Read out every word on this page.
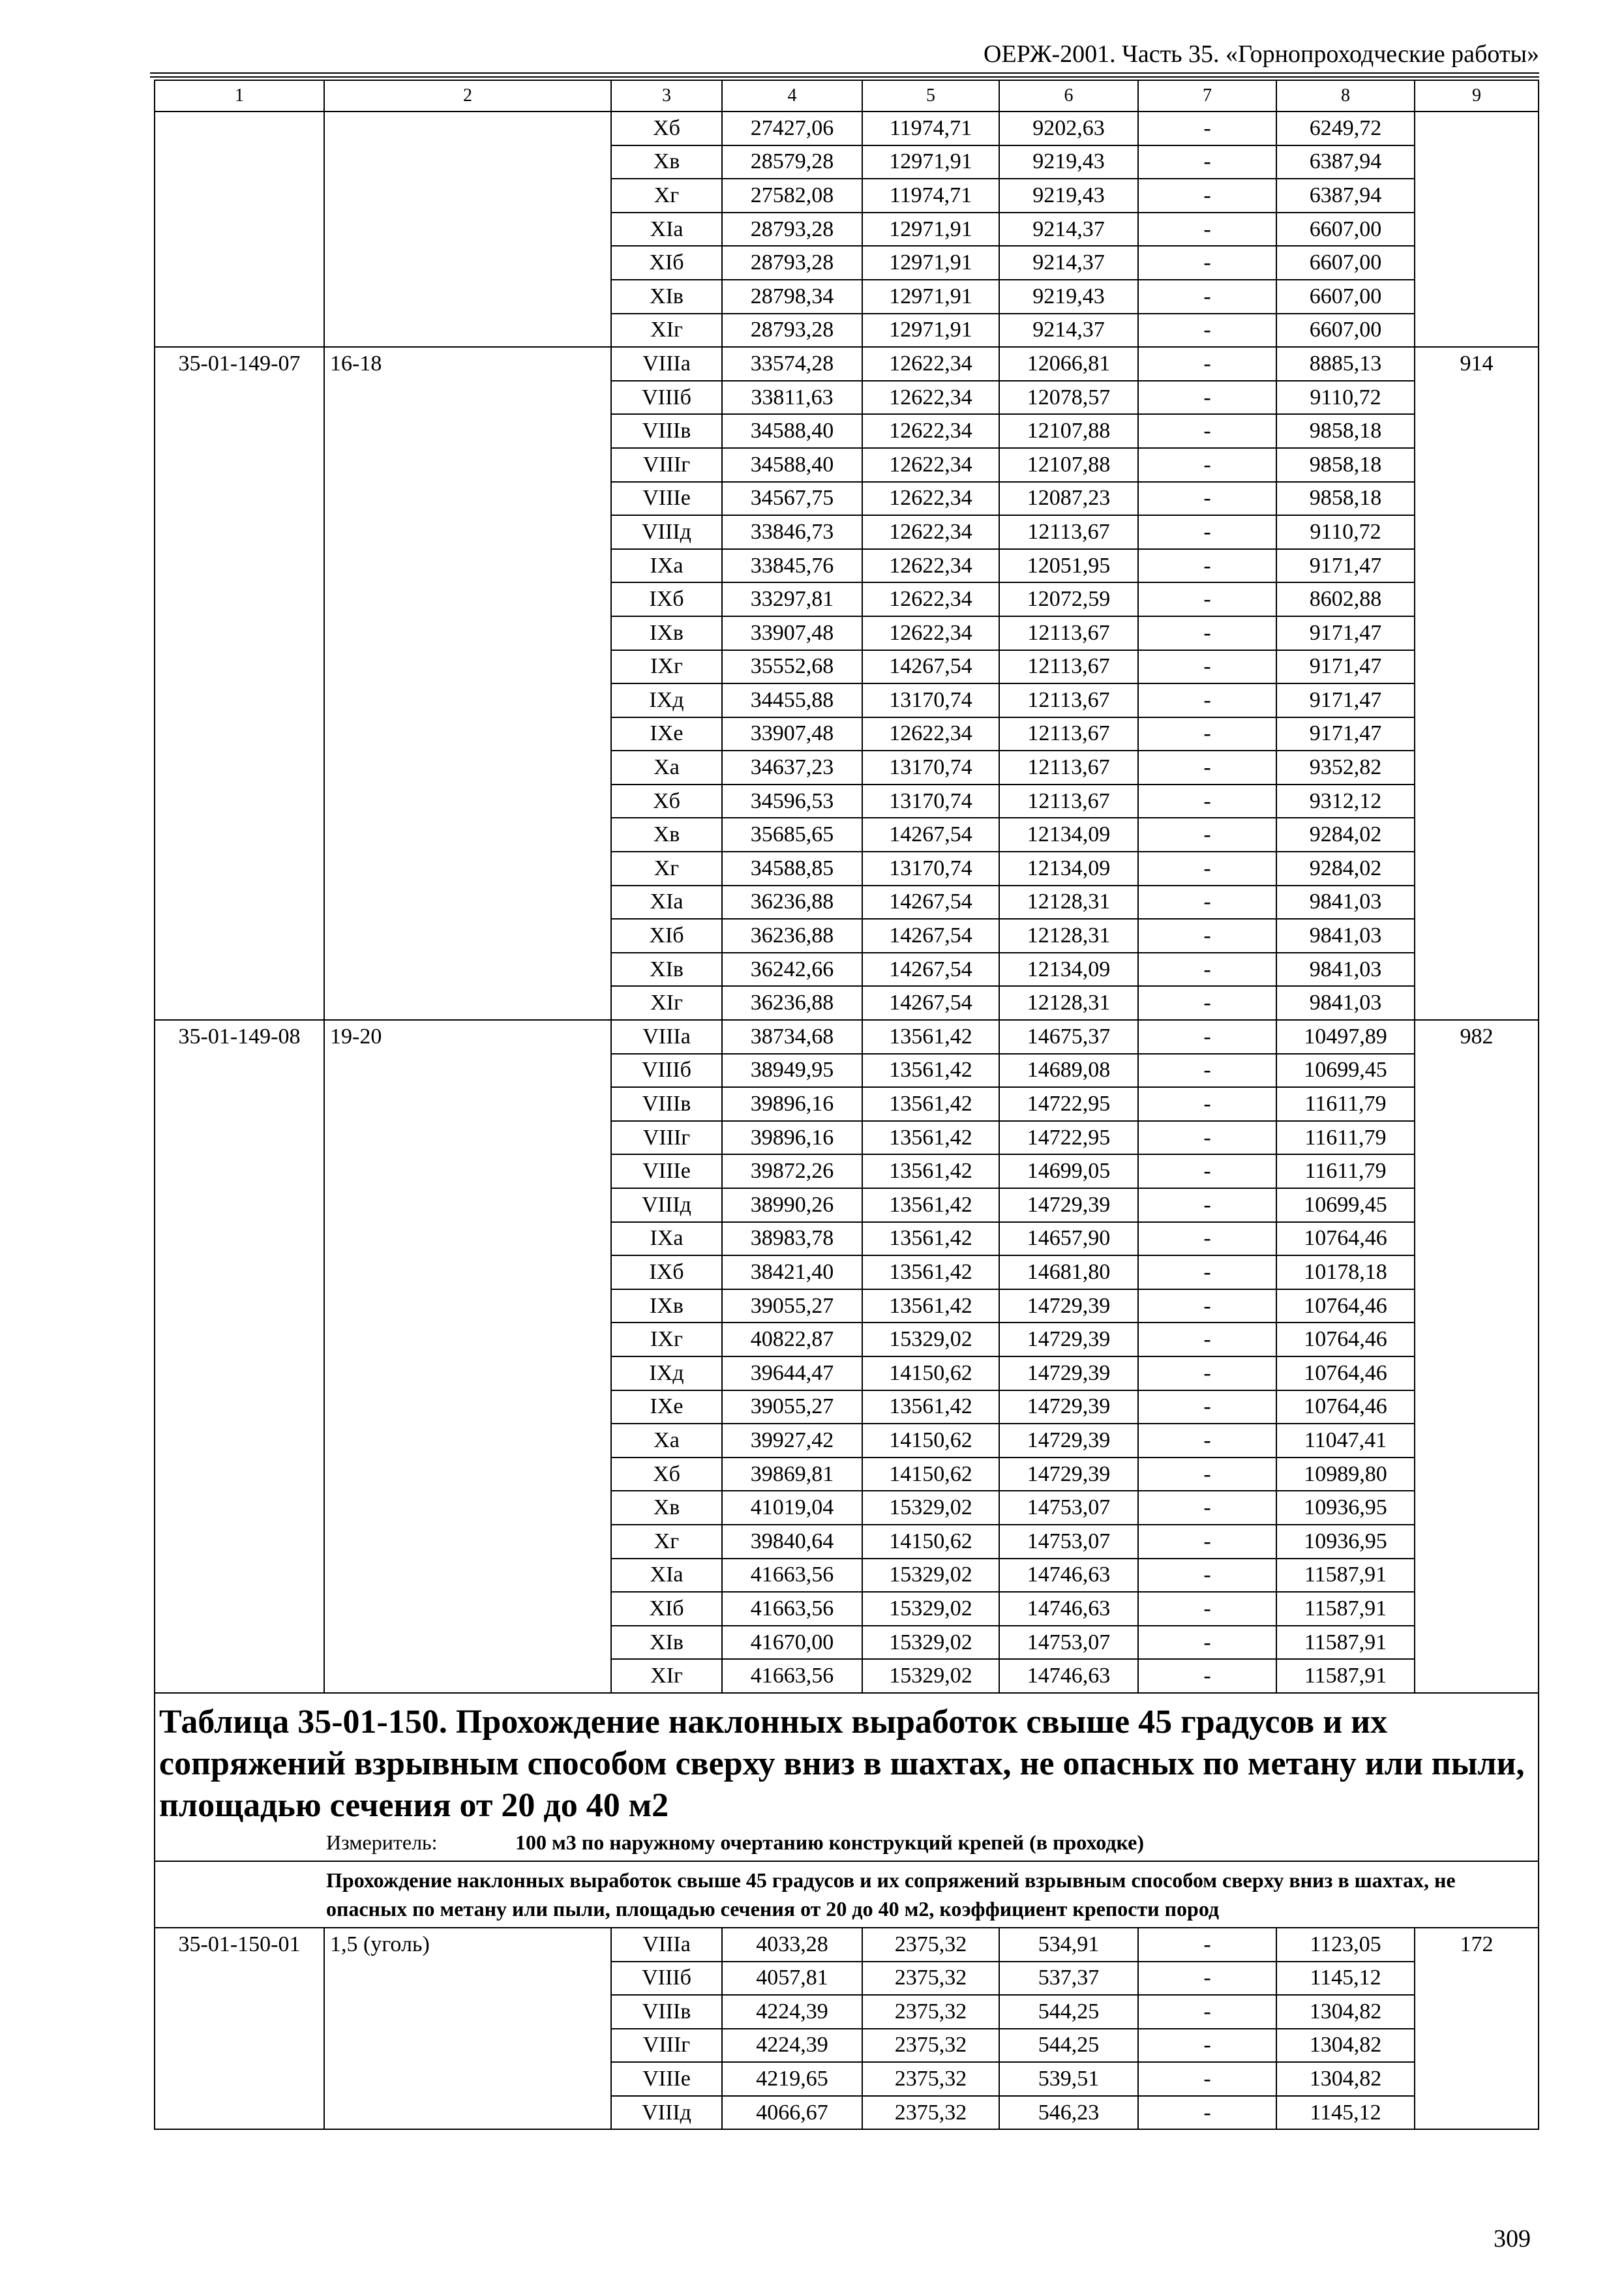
ОЕРЖ-2001. Часть 35. «Горнопроходческие работы»
1	2	3	4	5	6	7	8	9
		Хб	27427,06	11974,71	9202,63	-	6249,72	
		Хв	28579,28	12971,91	9219,43	-	6387,94	
		Хг	27582,08	11974,71	9219,43	-	6387,94	
		XIа	28793,28	12971,91	9214,37	-	6607,00	
		XIб	28793,28	12971,91	9214,37	-	6607,00	
		XIв	28798,34	12971,91	9219,43	-	6607,00	
		XIг	28793,28	12971,91	9214,37	-	6607,00	
35-01-149-07	16-18	VIIIа	33574,28	12622,34	12066,81	-	8885,13	914
		VIIIб	33811,63	12622,34	12078,57	-	9110,72	
		VIIIв	34588,40	12622,34	12107,88	-	9858,18	
		VIIIг	34588,40	12622,34	12107,88	-	9858,18	
		VIIIе	34567,75	12622,34	12087,23	-	9858,18	
		VIIIд	33846,73	12622,34	12113,67	-	9110,72	
		IXа	33845,76	12622,34	12051,95	-	9171,47	
		IXб	33297,81	12622,34	12072,59	-	8602,88	
		IXв	33907,48	12622,34	12113,67	-	9171,47	
		IXг	35552,68	14267,54	12113,67	-	9171,47	
		IXд	34455,88	13170,74	12113,67	-	9171,47	
		IXе	33907,48	12622,34	12113,67	-	9171,47	
		Ха	34637,23	13170,74	12113,67	-	9352,82	
		Хб	34596,53	13170,74	12113,67	-	9312,12	
		Хв	35685,65	14267,54	12134,09	-	9284,02	
		Хг	34588,85	13170,74	12134,09	-	9284,02	
		XIа	36236,88	14267,54	12128,31	-	9841,03	
		XIб	36236,88	14267,54	12128,31	-	9841,03	
		XIв	36242,66	14267,54	12134,09	-	9841,03	
		XIг	36236,88	14267,54	12128,31	-	9841,03	
35-01-149-08	19-20	VIIIа	38734,68	13561,42	14675,37	-	10497,89	982
		VIIIб	38949,95	13561,42	14689,08	-	10699,45	
		VIIIв	39896,16	13561,42	14722,95	-	11611,79	
		VIIIг	39896,16	13561,42	14722,95	-	11611,79	
		VIIIе	39872,26	13561,42	14699,05	-	11611,79	
		VIIIд	38990,26	13561,42	14729,39	-	10699,45	
		IXа	38983,78	13561,42	14657,90	-	10764,46	
		IXб	38421,40	13561,42	14681,80	-	10178,18	
		IXв	39055,27	13561,42	14729,39	-	10764,46	
		IXг	40822,87	15329,02	14729,39	-	10764,46	
		IXд	39644,47	14150,62	14729,39	-	10764,46	
		IXе	39055,27	13561,42	14729,39	-	10764,46	
		Ха	39927,42	14150,62	14729,39	-	11047,41	
		Хб	39869,81	14150,62	14729,39	-	10989,80	
		Хв	41019,04	15329,02	14753,07	-	10936,95	
		Хг	39840,64	14150,62	14753,07	-	10936,95	
		XIа	41663,56	15329,02	14746,63	-	11587,91	
		XIб	41663,56	15329,02	14746,63	-	11587,91	
		XIв	41670,00	15329,02	14753,07	-	11587,91	
		XIг	41663,56	15329,02	14746,63	-	11587,91	

Таблица 35-01-150. Прохождение наклонных выработок свыше 45 градусов и их сопряжений взрывным способом сверху вниз в шахтах, не опасных по метану или пыли, площадью сечения от 20 до 40 м2
Измеритель: 100 м3 по наружному очертанию конструкций крепей (в проходке)								

Прохождение наклонных выработок свыше 45 градусов и их сопряжений взрывным способом сверху вниз в шахтах, не опасных по метану или пыли, площадью сечения от 20 до 40 м2, коэффициент крепости пород								
35-01-150-01	1,5 (уголь)	VIIIа	4033,28	2375,32	534,91	-	1123,05	172
		VIIIб	4057,81	2375,32	537,37	-	1145,12	
		VIIIв	4224,39	2375,32	544,25	-	1304,82	
		VIIIг	4224,39	2375,32	544,25	-	1304,82	
		VIIIе	4219,65	2375,32	539,51	-	1304,82	
		VIIIд	4066,67	2375,32	546,23	-	1145,12	
309
